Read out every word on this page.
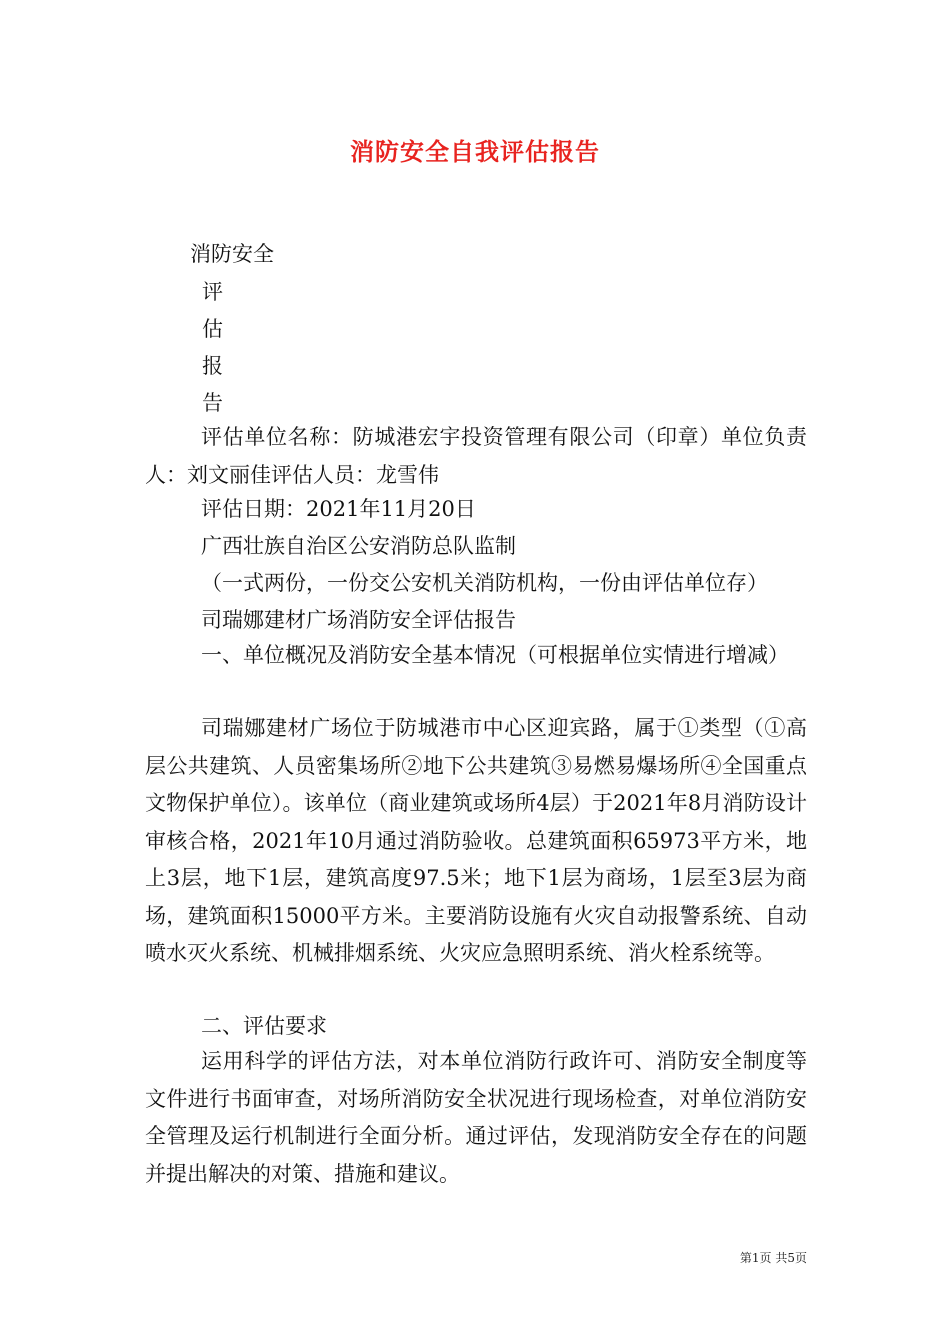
消防安全自我评估报告
消防安全
评
估
报
告

评估单位名称：防城港宏宇投资管理有限公司（印章）单位负责人：刘文丽佳评估人员：龙雪伟

评估日期：2021年11月20日
广西壮族自治区公安消防总队监制
（一式两份，一份交公安机关消防机构，一份由评估单位存）
司瑞娜建材广场消防安全评估报告

一、单位概况及消防安全基本情况（可根据单位实情进行增减）

司瑞娜建材广场位于防城港市中心区迎宾路，属于①类型（①高层公共建筑、人员密集场所②地下公共建筑③易燃易爆场所④全国重点文物保护单位）。该单位（商业建筑或场所4层）于2021年8月消防设计审核合格，2021年10月通过消防验收。总建筑面积65973平方米，地上3层，地下1层，建筑高度97.5米；地下1层为商场，1层至3层为商场，建筑面积15000平方米。主要消防设施有火灾自动报警系统、自动喷水灭火系统、机械排烟系统、火灾应急照明系统、消火栓系统等。

二、评估要求

运用科学的评估方法，对本单位消防行政许可、消防安全制度等文件进行书面审查，对场所消防安全状况进行现场检查，对单位消防安全管理及运行机制进行全面分析。通过评估，发现消防安全存在的问题并提出解决的对策、措施和建议。

第1页 共5页
